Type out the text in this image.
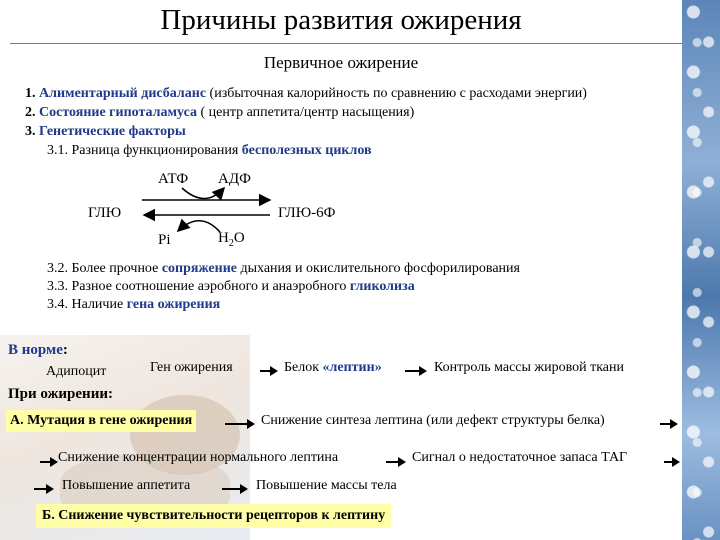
Причины развития ожирения
Первичное ожирение
1. Алиментарный дисбаланс (избыточная калорийность по сравнению с расходами энергии)
2. Состояние гипоталамуса ( центр аппетита/центр насыщения)
3. Генетические факторы
3.1. Разница функционирования бесполезных циклов
АТФ АДФ
ГЛЮ	ГЛЮ-6Ф
Pi	$H_2O$
3.2. Более прочное сопряжение дыхания и окислительного фосфорилирования
3.3. Разное соотношение аэробного и анаэробного гликолиза
3.4. Наличие гена ожирения
В норме:
Адипоцит	Ген ожирения	Белок «лептин»	Контроль массы жировой ткани
При ожирении:
А. Мутация в гене ожирения	Снижение синтеза лептина (или дефект структуры белка)
Снижение концентрации нормального лептина	Сигнал о недостаточное запаса ТАГ
Повышение аппетита	Повышение массы тела
Б. Снижение чувствительности рецепторов к лептину
